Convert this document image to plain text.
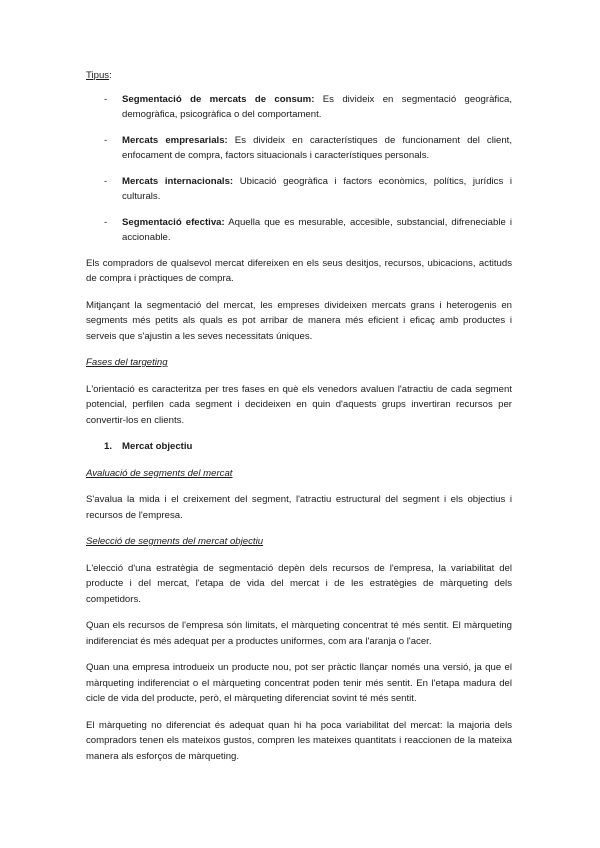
Tipus:

- Segmentació de mercats de consum: Es divideix en segmentació geogràfica, demogràfica, psicogràfica o del comportament.
- Mercats empresarials: Es divideix en característiques de funcionament del client, enfocament de compra, factors situacionals i característiques personals.
- Mercats internacionals: Ubicació geogràfica i factors econòmics, polítics, jurídics i culturals.
- Segmentació efectiva: Aquella que es mesurable, accesible, substancial, difreneciable i accionable.

Els compradors de qualsevol mercat difereixen en els seus desitjos, recursos, ubicacions, actituds de compra i pràctiques de compra.

Mitjançant la segmentació del mercat, les empreses divideixen mercats grans i heterogenis en segments més petits als quals es pot arribar de manera més eficient i eficaç amb productes i serveis que s'ajustin a les seves necessitats úniques.

Fases del targeting

L'orientació es caracteritza per tres fases en què els venedors avaluen l'atractiu de cada segment potencial, perfilen cada segment i decideixen en quin d'aquests grups invertiran recursos per convertir-los en clients.

1. Mercat objectiu

Avaluació de segments del mercat

S'avalua la mida i el creixement del segment, l'atractiu estructural del segment i els objectius i recursos de l'empresa.

Selecció de segments del mercat objectiu

L'elecció d'una estratègia de segmentació depèn dels recursos de l'empresa, la variabilitat del producte i del mercat, l'etapa de vida del mercat i de les estratègies de màrqueting dels competidors.

Quan els recursos de l'empresa són limitats, el màrqueting concentrat té més sentit. El màrqueting indiferenciat és més adequat per a productes uniformes, com ara l'aranja o l'acer.

Quan una empresa introdueix un producte nou, pot ser pràctic llançar només una versió, ja que el màrqueting indiferenciat o el màrqueting concentrat poden tenir més sentit. En l'etapa madura del cicle de vida del producte, però, el màrqueting diferenciat sovint té més sentit.

El màrqueting no diferenciat és adequat quan hi ha poca variabilitat del mercat: la majoria dels compradors tenen els mateixos gustos, compren les mateixes quantitats i reaccionen de la mateixa manera als esforços de màrqueting.
